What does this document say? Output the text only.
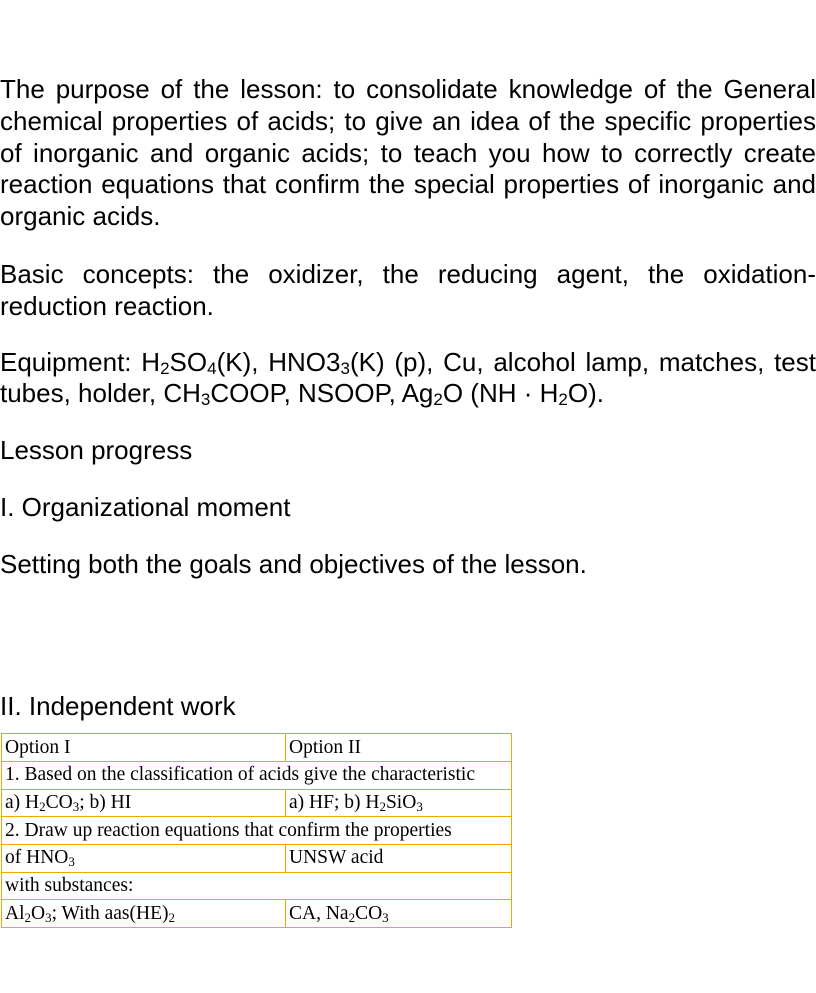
The purpose of the lesson: to consolidate knowledge of the General chemical properties of acids; to give an idea of the specific properties of inorganic and organic acids; to teach you how to correctly create reaction equations that confirm the special properties of inorganic and organic acids.

Basic concepts: the oxidizer, the reducing agent, the oxidation-reduction reaction.

Equipment: $H_2SO_4(K)$, $HNO3_3(K)$ (p), Cu, alcohol lamp, matches, test tubes, holder, $CH_3COOP$, NSOOP, $Ag_2O$ $(NH \cdot H_2O)$.

Lesson progress

I. Organizational moment

Setting both the goals and objectives of the lesson.

II. Independent work

Option I	Option II
1. Based on the classification of acids give the characteristic	
a) $H_2CO_3$; b) HI	a) HF; b) $H_2SiO_3$
2. Draw up reaction equations that confirm the properties	
of $HNO_3$	UNSW acid
with substances:	
$Al_2O_3$; With $aas(HE)_2$	CA, $Na_2CO_3$
